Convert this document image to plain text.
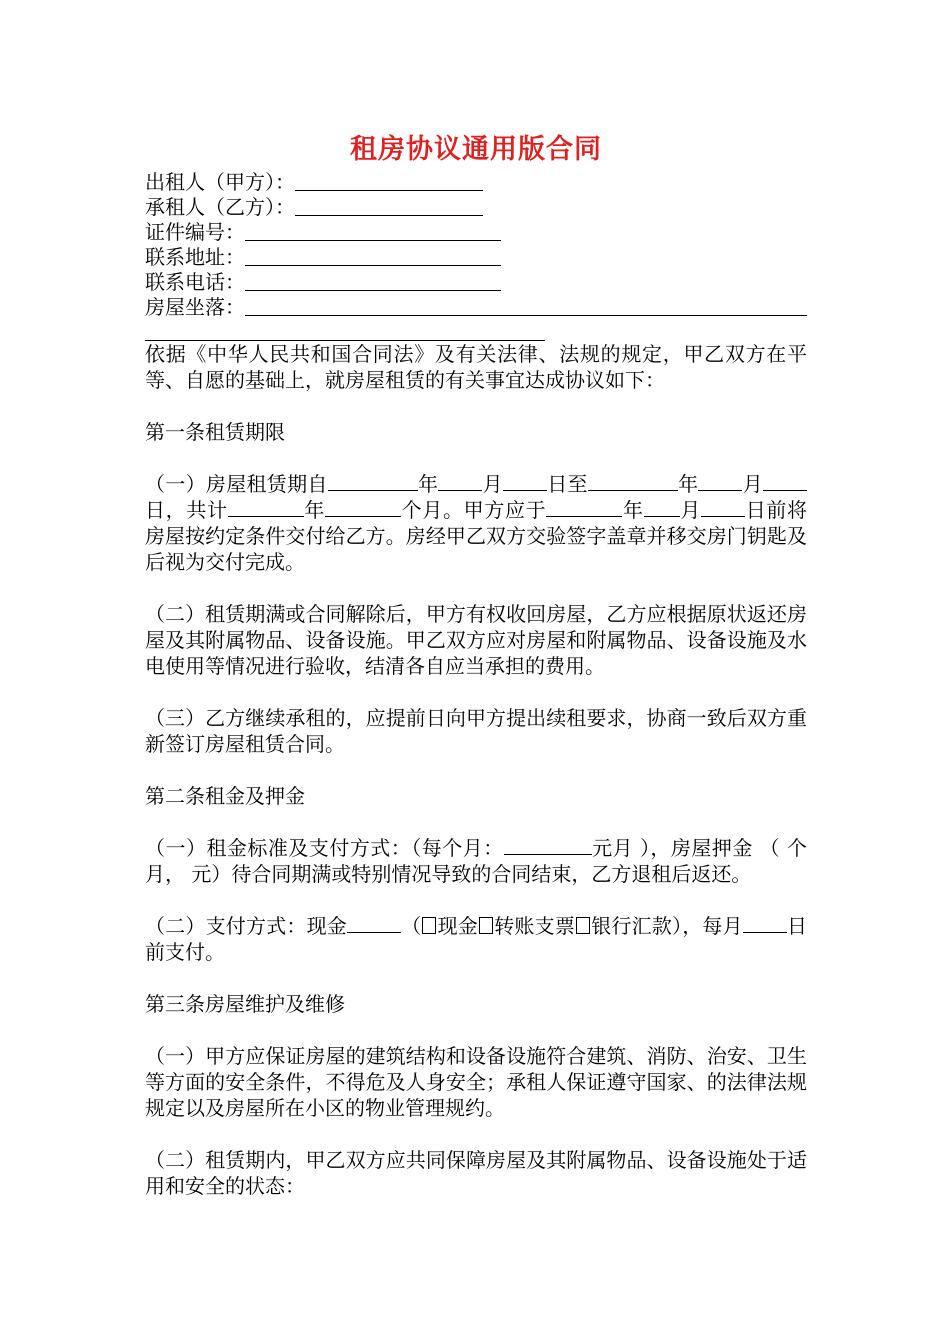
租房协议通用版合同
出租人（甲方）：
承租人（乙方）：
证件编号：
联系地址：
联系电话：
房屋坐落：

依据《中华人民共和国合同法》及有关法律、法规的规定，甲乙双方在平等、自愿的基础上，就房屋租赁的有关事宜达成协议如下：

第一条租赁期限

（一）房屋租赁期自	年 月 日至	年 月日，共计	年	个月。甲方应于	年 月 日前将房屋按约定条件交付给乙方。房经甲乙双方交验签字盖章并移交房门钥匙及后视为交付完成。

（二）租赁期满或合同解除后，甲方有权收回房屋，乙方应根据原状返还房屋及其附属物品、设备设施。甲乙双方应对房屋和附属物品、设备设施及水电使用等情况进行验收，结清各自应当承担的费用。

（三）乙方继续承租的，应提前日向甲方提出续租要求，协商一致后双方重新签订房屋租赁合同。

第二条租金及押金

（一）租金标准及支付方式：（每个月：	元月 ），房屋押金 （ 个月， 元）待合同期满或特别情况导致的合同结束，乙方退租后返还。

（二）支付方式：现金	（ 现金 转账支票 银行汇款），每月 日前支付。

第三条房屋维护及维修

（一）甲方应保证房屋的建筑结构和设备设施符合建筑、消防、治安、卫生等方面的安全条件，不得危及人身安全；承租人保证遵守国家、的法律法规规定以及房屋所在小区的物业管理规约。

（二）租赁期内，甲乙双方应共同保障房屋及其附属物品、设备设施处于适用和安全的状态：
